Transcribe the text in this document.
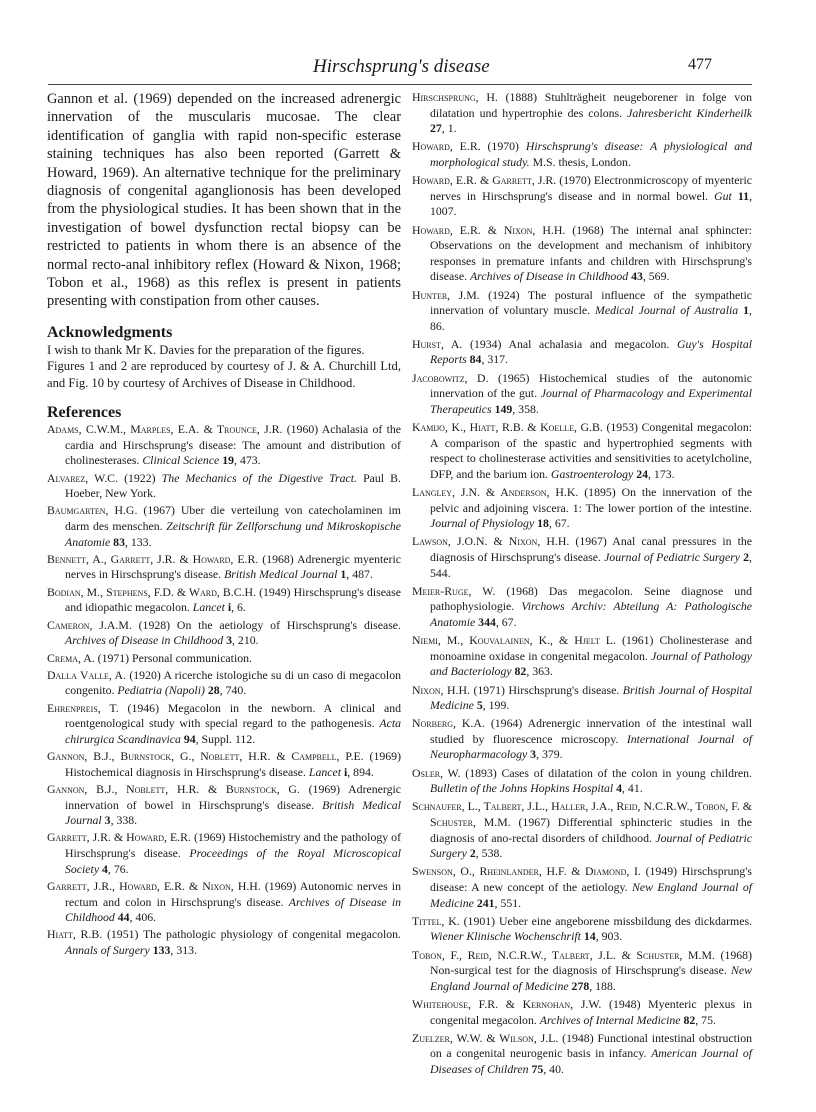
Hirschsprung's disease	477

Gannon et al. (1969) depended on the increased adrenergic innervation of the muscularis mucosae. The clear identification of ganglia with rapid non-specific esterase staining techniques has also been reported (Garrett & Howard, 1969). An alternative technique for the preliminary diagnosis of congenital aganglionosis has been developed from the physiological studies. It has been shown that in the investigation of bowel dysfunction rectal biopsy can be restricted to patients in whom there is an absence of the normal recto-anal inhibitory reflex (Howard & Nixon, 1968; Tobon et al., 1968) as this reflex is present in patients presenting with constipation from other causes.

Acknowledgments

I wish to thank Mr K. Davies for the preparation of the figures.

Figures 1 and 2 are reproduced by courtesy of J. & A. Churchill Ltd, and Fig. 10 by courtesy of Archives of Disease in Childhood.

References

Adams, C.W.M., Marples, E.A. & Trounce, J.R. (1960) Achalasia of the cardia and Hirschsprung's disease: The amount and distribution of cholinesterases. Clinical Science 19, 473.

Alvarez, W.C. (1922) The Mechanics of the Digestive Tract. Paul B. Hoeber, New York.

Baumgarten, H.G. (1967) Uber die verteilung von catecholaminen im darm des menschen. Zeitschrift für Zellforschung und Mikroskopische Anatomie 83, 133.

Bennett, A., Garrett, J.R. & Howard, E.R. (1968) Adrenergic myenteric nerves in Hirschsprung's disease. British Medical Journal 1, 487.

Bodian, M., Stephens, F.D. & Ward, B.C.H. (1949) Hirschsprung's disease and idiopathic megacolon. Lancet i, 6.

Cameron, J.A.M. (1928) On the aetiology of Hirschsprung's disease. Archives of Disease in Childhood 3, 210.

Crema, A. (1971) Personal communication.

Dalla Valle, A. (1920) A ricerche istologiche su di un caso di megacolon congenito. Pediatria (Napoli) 28, 740.

Ehrenpreis, T. (1946) Megacolon in the newborn. A clinical and roentgenological study with special regard to the pathogenesis. Acta chirurgica Scandinavica 94, Suppl. 112.

Gannon, B.J., Burnstock, G., Noblett, H.R. & Campbell, P.E. (1969) Histochemical diagnosis in Hirschsprung's disease. Lancet i, 894.

Gannon, B.J., Noblett, H.R. & Burnstock, G. (1969) Adrenergic innervation of bowel in Hirschsprung's disease. British Medical Journal 3, 338.

Garrett, J.R. & Howard, E.R. (1969) Histochemistry and the pathology of Hirschsprung's disease. Proceedings of the Royal Microscopical Society 4, 76.

Garrett, J.R., Howard, E.R. & Nixon, H.H. (1969) Autonomic nerves in rectum and colon in Hirschsprung's disease. Archives of Disease in Childhood 44, 406.

Hiatt, R.B. (1951) The pathologic physiology of congenital megacolon. Annals of Surgery 133, 313.

Hirschsprung, H. (1888) Stuhlträgheit neugeborener in folge von dilatation und hypertrophie des colons. Jahresbericht Kinderheilk 27, 1.

Howard, E.R. (1970) Hirschsprung's disease: A physiological and morphological study. M.S. thesis, London.

Howard, E.R. & Garrett, J.R. (1970) Electronmicroscopy of myenteric nerves in Hirschsprung's disease and in normal bowel. Gut 11, 1007.

Howard, E.R. & Nixon, H.H. (1968) The internal anal sphincter: Observations on the development and mechanism of inhibitory responses in premature infants and children with Hirschsprung's disease. Archives of Disease in Childhood 43, 569.

Hunter, J.M. (1924) The postural influence of the sympathetic innervation of voluntary muscle. Medical Journal of Australia 1, 86.

Hurst, A. (1934) Anal achalasia and megacolon. Guy's Hospital Reports 84, 317.

Jacobowitz, D. (1965) Histochemical studies of the autonomic innervation of the gut. Journal of Pharmacology and Experimental Therapeutics 149, 358.

Kamijo, K., Hiatt, R.B. & Koelle, G.B. (1953) Congenital megacolon: A comparison of the spastic and hypertrophied segments with respect to cholinesterase activities and sensitivities to acetylcholine, DFP, and the barium ion. Gastroenterology 24, 173.

Langley, J.N. & Anderson, H.K. (1895) On the innervation of the pelvic and adjoining viscera. 1: The lower portion of the intestine. Journal of Physiology 18, 67.

Lawson, J.O.N. & Nixon, H.H. (1967) Anal canal pressures in the diagnosis of Hirschsprung's disease. Journal of Pediatric Surgery 2, 544.

Meier-Ruge, W. (1968) Das megacolon. Seine diagnose und pathophysiologie. Virchows Archiv: Abteilung A: Pathologische Anatomie 344, 67.

Niemi, M., Kouvalainen, K., & Hjelt L. (1961) Cholinesterase and monoamine oxidase in congenital megacolon. Journal of Pathology and Bacteriology 82, 363.

Nixon, H.H. (1971) Hirschsprung's disease. British Journal of Hospital Medicine 5, 199.

Norberg, K.A. (1964) Adrenergic innervation of the intestinal wall studied by fluorescence microscopy. International Journal of Neuropharmacology 3, 379.

Osler, W. (1893) Cases of dilatation of the colon in young children. Bulletin of the Johns Hopkins Hospital 4, 41.

Schnaufer, L., Talbert, J.L., Haller, J.A., Reid, N.C.R.W., Tobon, F. & Schuster, M.M. (1967) Differential sphincteric studies in the diagnosis of ano-rectal disorders of childhood. Journal of Pediatric Surgery 2, 538.

Swenson, O., Rheinlander, H.F. & Diamond, I. (1949) Hirschsprung's disease: A new concept of the aetiology. New England Journal of Medicine 241, 551.

Tittel, K. (1901) Ueber eine angeborene missbildung des dickdarmes. Wiener Klinische Wochenschrift 14, 903.

Tobon, F., Reid, N.C.R.W., Talbert, J.L. & Schuster, M.M. (1968) Non-surgical test for the diagnosis of Hirschsprung's disease. New England Journal of Medicine 278, 188.

Whitehouse, F.R. & Kernohan, J.W. (1948) Myenteric plexus in congenital megacolon. Archives of Internal Medicine 82, 75.

Zuelzer, W.W. & Wilson, J.L. (1948) Functional intestinal obstruction on a congenital neurogenic basis in infancy. American Journal of Diseases of Children 75, 40.
